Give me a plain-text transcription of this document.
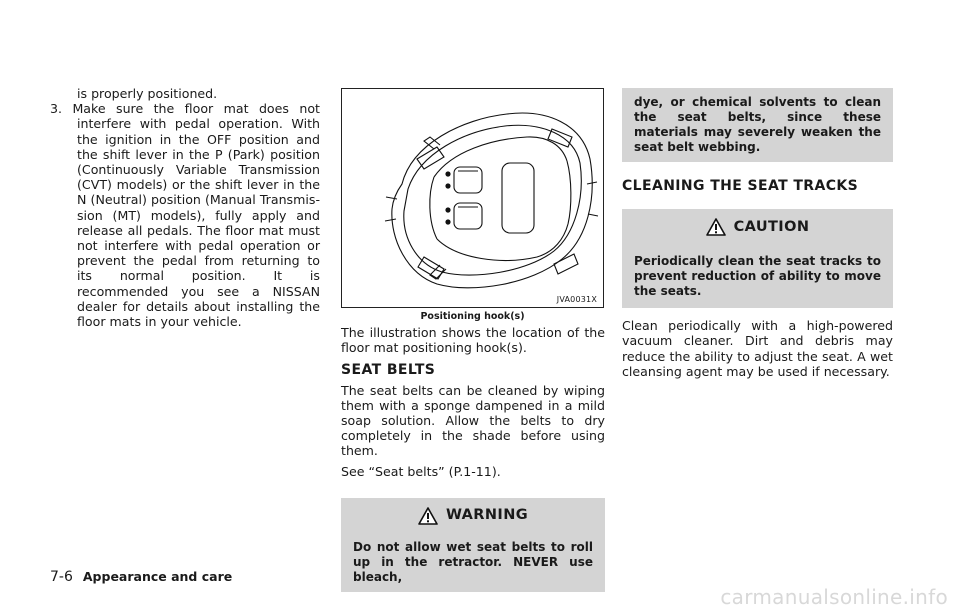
is properly positioned.

3. Make sure the floor mat does not interfere with pedal operation. With the ignition in the OFF position and the shift lever in the P (Park) position (Continuously Variable Transmission (CVT) models) or the shift lever in the N (Neutral) position (Manual Transmis-sion (MT) models), fully apply and release all pedals. The floor mat must not interfere with pedal operation or prevent the pedal from returning to its normal position. It is recommended you see a NISSAN dealer for details about installing the floor mats in your vehicle.

JVA0031X
Positioning hook(s)

The illustration shows the location of the floor mat positioning hook(s).

SEAT BELTS

The seat belts can be cleaned by wiping them with a sponge dampened in a mild soap solution. Allow the belts to dry completely in the shade before using them.

See “Seat belts” (P.1-11).

WARNING
Do not allow wet seat belts to roll up in the retractor. NEVER use bleach,
dye, or chemical solvents to clean the seat belts, since these materials may severely weaken the seat belt webbing.
CLEANING THE SEAT TRACKS
CAUTION
Periodically clean the seat tracks to prevent reduction of ability to move the seats.

Clean periodically with a high-powered vacuum cleaner. Dirt and debris may reduce the ability to adjust the seat. A wet cleansing agent may be used if necessary.

7-6 Appearance and care
carmanualsonline.info
